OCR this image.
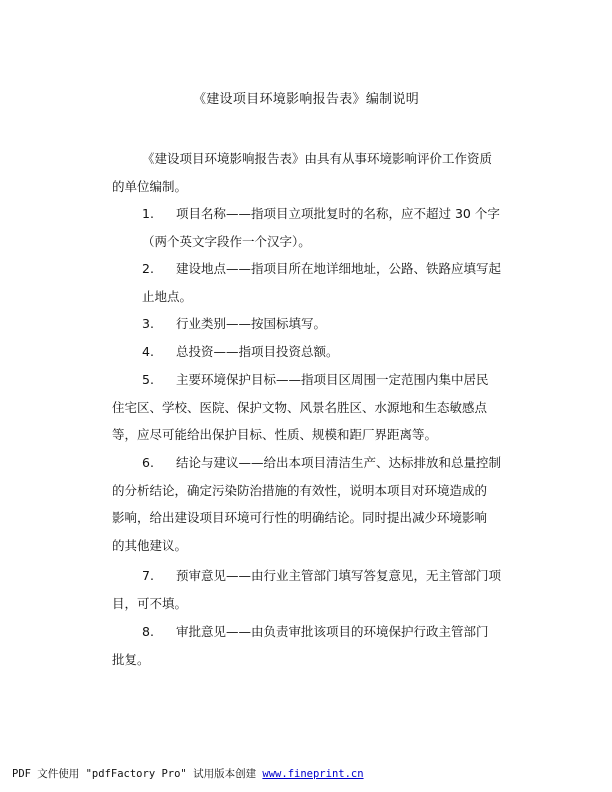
《建设项目环境影响报告表》编制说明

《建设项目环境影响报告表》由具有从事环境影响评价工作资质

的单位编制。

1. 项目名称——指项目立项批复时的名称，应不超过 30 个字

（两个英文字段作一个汉字）。

2. 建设地点——指项目所在地详细地址，公路、铁路应填写起

止地点。

3. 行业类别——按国标填写。

4. 总投资——指项目投资总额。

5. 主要环境保护目标——指项目区周围一定范围内集中居民

住宅区、学校、医院、保护文物、风景名胜区、水源地和生态敏感点

等，应尽可能给出保护目标、性质、规模和距厂界距离等。

6. 结论与建议——给出本项目清洁生产、达标排放和总量控制

的分析结论，确定污染防治措施的有效性，说明本项目对环境造成的

影响，给出建设项目环境可行性的明确结论。同时提出减少环境影响

的其他建议。

7. 预审意见——由行业主管部门填写答复意见，无主管部门项

目，可不填。

8. 审批意见——由负责审批该项目的环境保护行政主管部门

批复。

PDF 文件使用 "pdfFactory Pro" 试用版本创建 www.fineprint.cn
